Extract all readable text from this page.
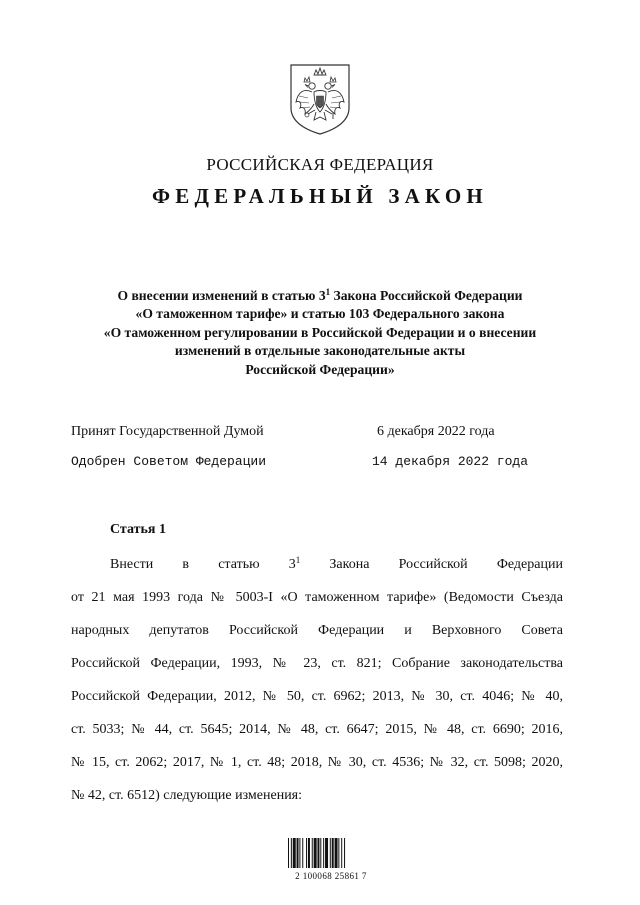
РОССИЙСКАЯ ФЕДЕРАЦИЯ
ФЕДЕРАЛЬНЫЙ ЗАКОН
О внесении изменений в статью $3^1$ Закона Российской Федерации
«О таможенном тарифе» и статью 103 Федерального закона
«О таможенном регулировании в Российской Федерации и о внесении
изменений в отдельные законодательные акты
Российской Федерации»
Принят Государственной Думой	6 декабря 2022 года
Одобрен Советом Федерации	14 декабря 2022 года
Статья 1
Внести в статью $3^1$ Закона Российской Федерации
от 21 мая 1993 года № 5003-I «О таможенном тарифе» (Ведомости Съезда
народных депутатов Российской Федерации и Верховного Совета
Российской Федерации, 1993, № 23, ст. 821; Собрание законодательства
Российской Федерации, 2012, № 50, ст. 6962; 2013, № 30, ст. 4046; № 40,
ст. 5033; № 44, ст. 5645; 2014, № 48, ст. 6647; 2015, № 48, ст. 6690; 2016,
№ 15, ст. 2062; 2017, № 1, ст. 48; 2018, № 30, ст. 4536; № 32, ст. 5098; 2020,
№ 42, ст. 6512) следующие изменения:
2 100068 25861 7
